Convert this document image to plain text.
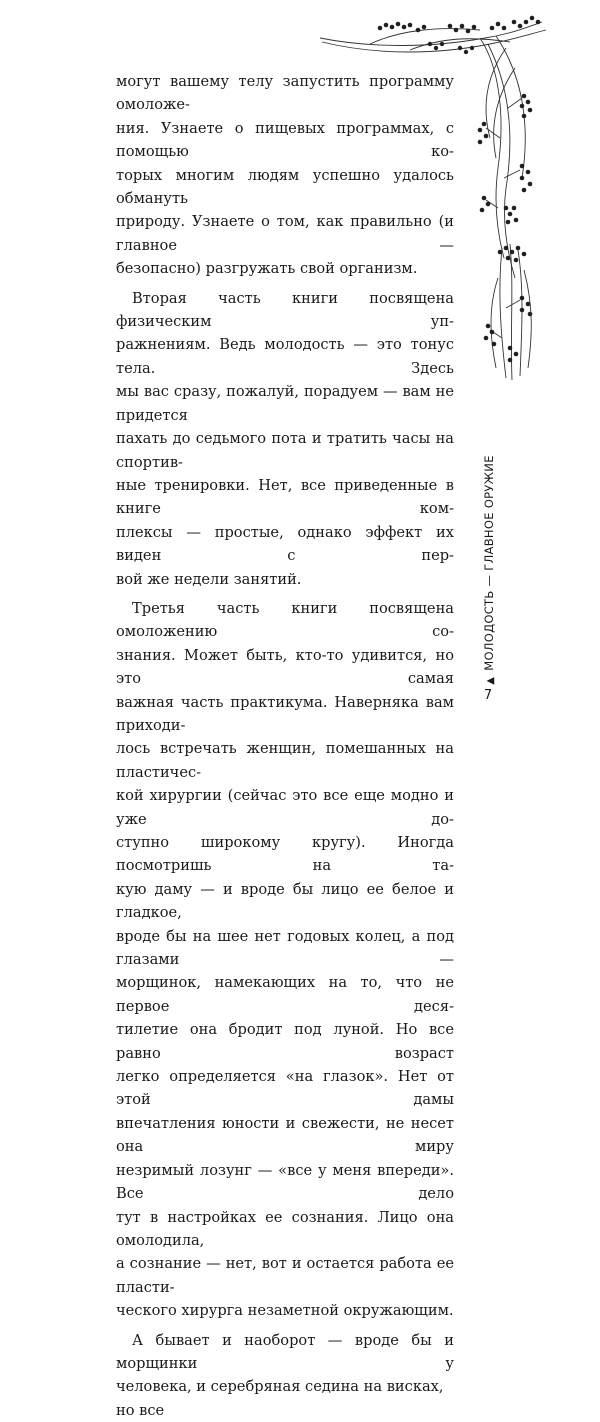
могут вашему телу запустить программу омоложе-
ния. Узнаете о пищевых программах, с помощью ко-
торых многим людям успешно удалось обмануть
природу. Узнаете о том, как правильно (и главное —
безопасно) разгружать свой организм.
Вторая часть книги посвящена физическим уп-
ражнениям. Ведь молодость — это тонус тела. Здесь
мы вас сразу, пожалуй, порадуем — вам не придется
пахать до седьмого пота и тратить часы на спортив-
ные тренировки. Нет, все приведенные в книге ком-
плексы — простые, однако эффект их виден с пер-
вой же недели занятий.
Третья часть книги посвящена омоложению со-
знания. Может быть, кто-то удивится, но это самая
важная часть практикума. Наверняка вам приходи-
лось встречать женщин, помешанных на пластичес-
кой хирургии (сейчас это все еще модно и уже до-
ступно широкому кругу). Иногда посмотришь на та-
кую даму — и вроде бы лицо ее белое и гладкое,
вроде бы на шее нет годовых колец, а под глазами —
морщинок, намекающих на то, что не первое деся-
тилетие она бродит под луной. Но все равно возраст
легко определяется «на глазок». Нет от этой дамы
впечатления юности и свежести, не несет она миру
незримый лозунг — «все у меня впереди». Все дело
тут в настройках ее сознания. Лицо она омолодила,
а сознание — нет, вот и остается работа ее пласти-
ческого хирурга незаметной окружающим.
А бывает и наоборот — вроде бы и морщинки у
человека, и серебряная седина на висках, но все
▲МОЛОДОСТЬ — ГЛАВНОЕ ОРУЖИЕ
7
